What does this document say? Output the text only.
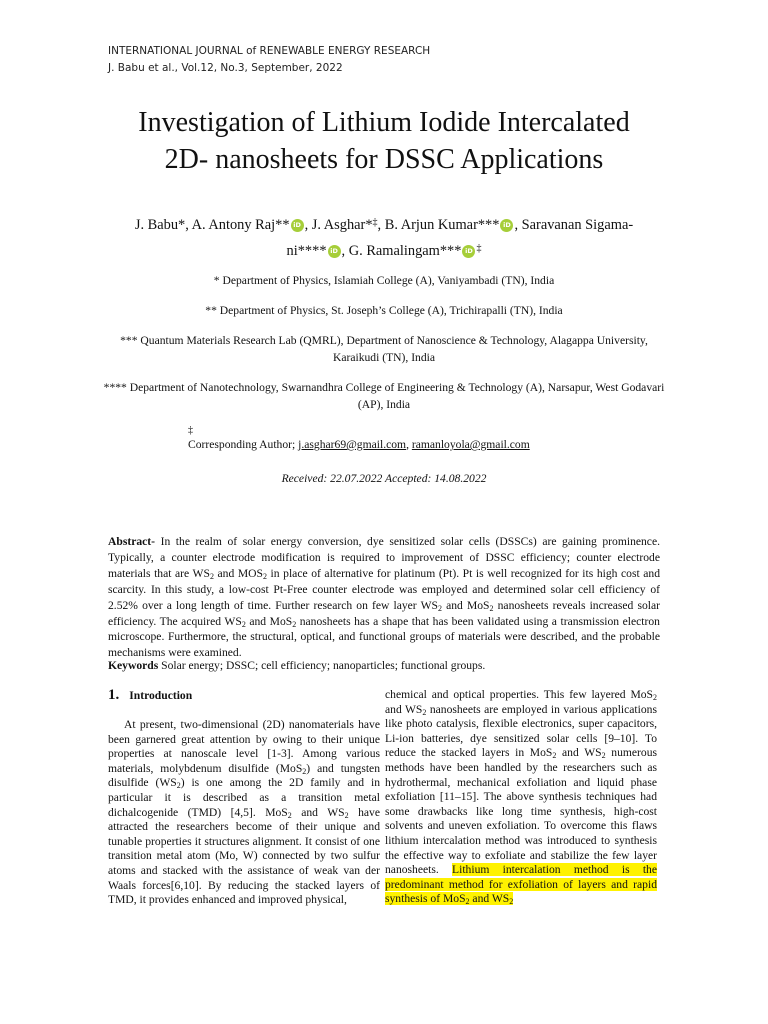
INTERNATIONAL JOURNAL of RENEWABLE ENERGY RESEARCH
J. Babu et al., Vol.12, No.3, September, 2022
Investigation of Lithium Iodide Intercalated
2D- nanosheets for DSSC Applications
J. Babu*, A. Antony Raj** iD , J. Asghar*‡, B. Arjun Kumar*** iD , Saravanan Sigama-
ni**** iD , G. Ramalingam*** iD ‡
* Department of Physics, Islamiah College (A), Vaniyambadi (TN), India
** Department of Physics, St. Joseph’s College (A), Trichirapalli (TN), India
*** Quantum Materials Research Lab (QMRL), Department of Nanoscience & Technology, Alagappa University, Karaikudi (TN), India
**** Department of Nanotechnology, Swarnandhra College of Engineering & Technology (A), Narsapur, West Godavari (AP), India
‡
Corresponding Author; j.asghar69@gmail.com, ramanloyola@gmail.com
Received: 22.07.2022 Accepted: 14.08.2022
Abstract- In the realm of solar energy conversion, dye sensitized solar cells (DSSCs) are gaining prominence. Typically, a counter electrode modification is required to improvement of DSSC efficiency; counter electrode materials that are $WS_2$ and $MOS_2$ in place of alternative for platinum (Pt). Pt is well recognized for its high cost and scarcity. In this study, a low-cost Pt-Free counter electrode was employed and determined solar cell efficiency of 2.52% over a long length of time. Further research on few layer $WS_2$ and MoS$_2$ nanosheets reveals increased solar efficiency. The acquired $WS_2$ and MoS$_2$ nanosheets has a shape that has been validated using a transmission electron microscope. Furthermore, the structural, optical, and functional groups of materials were described, and the probable mechanisms were examined.
Keywords Solar energy; DSSC; cell efficiency; nanoparticles; functional groups.
1. Introduction

At present, two-dimensional (2D) nanomaterials have been garnered great attention by owing to their unique properties at nanoscale level [1-3]. Among various materials, molybdenum disulfide (MoS$_2$) and tungsten disulfide $(WS_2)$ is one among the 2D family and in particular it is described as a transition metal dichalcogenide (TMD) [4,5]. MoS$_2$ and $WS_2$ have attracted the researchers become of their unique and tunable properties it structures alignment. It consist of one transition metal atom (Mo, W) connected by two sulfur atoms and stacked with the assistance of weak van der Waals forces[6,10]. By reducing the stacked layers of TMD, it provides enhanced and improved physical,

chemical and optical properties. This few layered MoS$_2$ and $WS_2$ nanosheets are employed in various applications like photo catalysis, flexible electronics, super capacitors, Li-ion batteries, dye sensitized solar cells [9–10]. To reduce the stacked layers in MoS$_2$ and $WS_2$ numerous methods have been handled by the researchers such as hydrothermal, mechanical exfoliation and liquid phase exfoliation [11–15]. The above synthesis techniques had some drawbacks like long time synthesis, high-cost solvents and uneven exfoliation. To overcome this flaws lithium intercalation method was introduced to synthesis the effective way to exfoliate and stabilize the few layer nanosheets. Lithium intercalation method is the predominant method for exfoliation of layers and rapid synthesis of MoS$_2$ and $WS_2$
